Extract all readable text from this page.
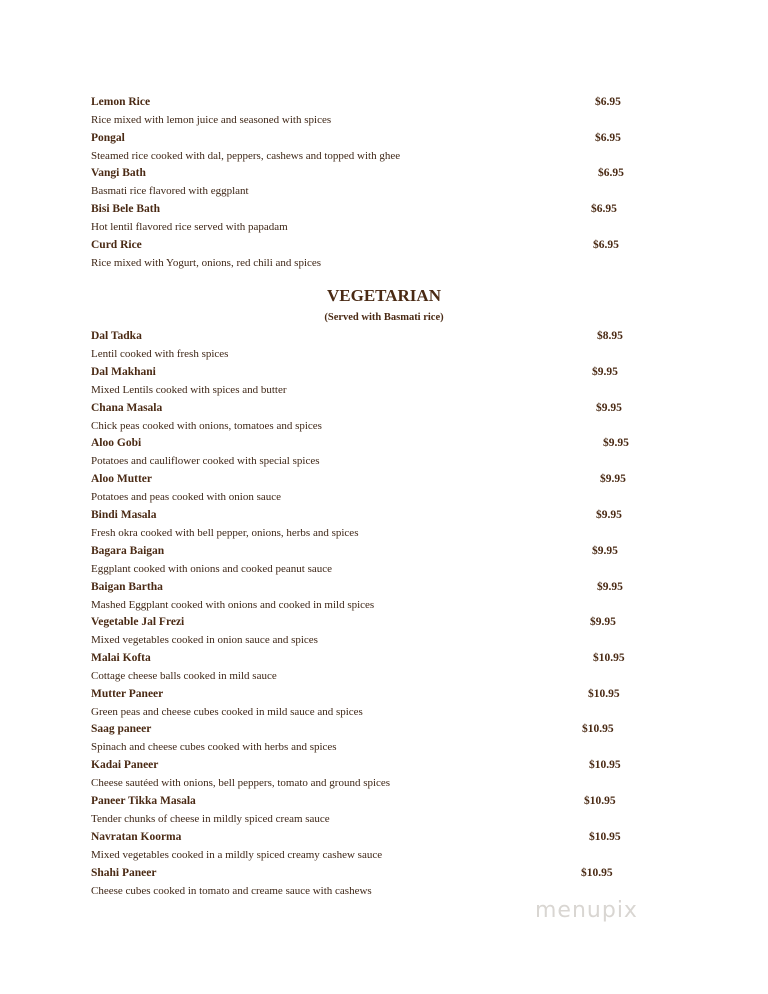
Lemon Rice	$6.95
Rice mixed with lemon juice and seasoned with spices
Pongal	$6.95
Steamed rice cooked with dal, peppers, cashews and topped with ghee
Vangi Bath	$6.95
Basmati rice flavored with eggplant
Bisi Bele Bath	$6.95
Hot lentil flavored rice served with papadam
Curd Rice	$6.95
Rice mixed with Yogurt, onions, red chili and spices
VEGETARIAN
(Served with Basmati rice)
Dal Tadka	$8.95
Lentil cooked with fresh spices
Dal Makhani	$9.95
Mixed Lentils cooked with spices and butter
Chana Masala	$9.95
Chick peas cooked with onions, tomatoes and spices
Aloo Gobi	$9.95
Potatoes and cauliflower cooked with special spices
Aloo Mutter	$9.95
Potatoes and peas cooked with onion sauce
Bindi Masala	$9.95
Fresh okra cooked with bell pepper, onions, herbs and spices
Bagara Baigan	$9.95
Eggplant cooked with onions and cooked peanut sauce
Baigan Bartha	$9.95
Mashed Eggplant cooked with onions and cooked in mild spices
Vegetable Jal Frezi	$9.95
Mixed vegetables cooked in onion sauce and spices
Malai Kofta	$10.95
Cottage cheese balls cooked in mild sauce
Mutter Paneer	$10.95
Green peas and cheese cubes cooked in mild sauce and spices
Saag paneer	$10.95
Spinach and cheese cubes cooked with herbs and spices
Kadai Paneer	$10.95
Cheese sautéed with onions, bell peppers, tomato and ground spices
Paneer Tikka Masala	$10.95
Tender chunks of cheese in mildly spiced cream sauce
Navratan Koorma	$10.95
Mixed vegetables cooked in a mildly spiced creamy cashew sauce
Shahi Paneer	$10.95
Cheese cubes cooked in tomato and creame sauce with cashews
menupix
